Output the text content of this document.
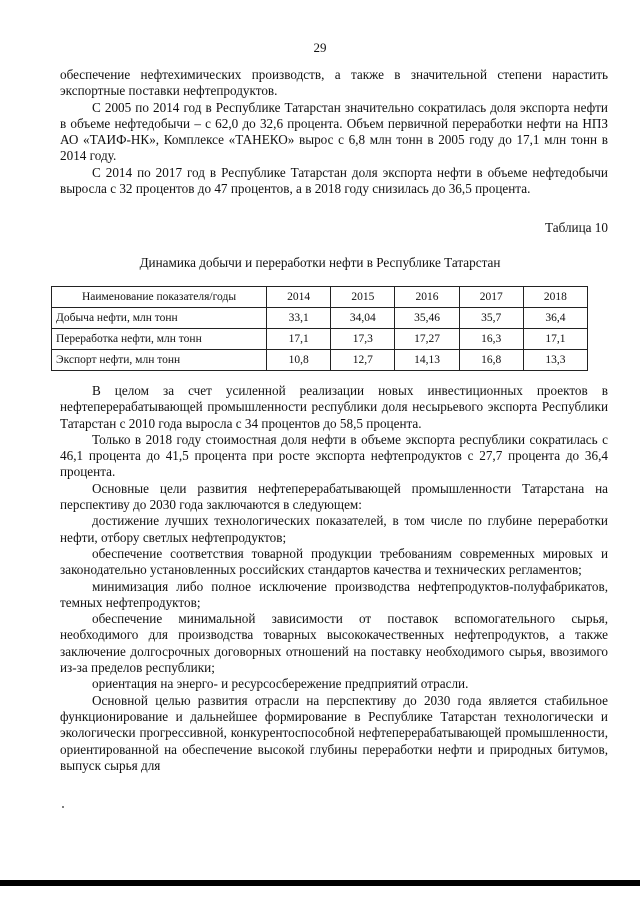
29

обеспечение нефтехимических производств, а также в значительной степени нарастить экспортные поставки нефтепродуктов.

С 2005 по 2014 год в Республике Татарстан значительно сократилась доля экспорта нефти в объеме нефтедобычи – с 62,0 до 32,6 процента. Объем первичной переработки нефти на НПЗ АО «ТАИФ-НК», Комплексе «ТАНЕКО» вырос с 6,8 млн тонн в 2005 году до 17,1 млн тонн в 2014 году.

С 2014 по 2017 год в Республике Татарстан доля экспорта нефти в объеме нефтедобычи выросла с 32 процентов до 47 процентов, а в 2018 году снизилась до 36,5 процента.

Таблица 10
Динамика добычи и переработки нефти в Республике Татарстан
Наименование показателя/годы	2014	2015	2016	2017	2018
Добыча нефти, млн тонн	33,1	34,04	35,46	35,7	36,4
Переработка нефти, млн тонн	17,1	17,3	17,27	16,3	17,1
Экспорт нефти, млн тонн	10,8	12,7	14,13	16,8	13,3

В целом за счет усиленной реализации новых инвестиционных проектов в нефтеперерабатывающей промышленности республики доля несырьевого экспорта Республики Татарстан с 2010 года выросла с 34 процентов до 58,5 процента.

Только в 2018 году стоимостная доля нефти в объеме экспорта республики сократилась с 46,1 процента до 41,5 процента при росте экспорта нефтепродуктов с 27,7 процента до 36,4 процента.

Основные цели развития нефтеперерабатывающей промышленности Татарстана на перспективу до 2030 года заключаются в следующем:

достижение лучших технологических показателей, в том числе по глубине переработки нефти, отбору светлых нефтепродуктов;

обеспечение соответствия товарной продукции требованиям современных мировых и законодательно установленных российских стандартов качества и технических регламентов;

минимизация либо полное исключение производства нефтепродуктов-полуфабрикатов, темных нефтепродуктов;

обеспечение минимальной зависимости от поставок вспомогательного сырья, необходимого для производства товарных высококачественных нефтепродуктов, а также заключение долгосрочных договорных отношений на поставку необходимого сырья, ввозимого из-за пределов республики;

ориентация на энерго- и ресурсосбережение предприятий отрасли.

Основной целью развития отрасли на перспективу до 2030 года является стабильное функционирование и дальнейшее формирование в Республике Татарстан технологически и экологически прогрессивной, конкурентоспособной нефтеперерабатывающей промышленности, ориентированной на обеспечение высокой глубины переработки нефти и природных битумов, выпуск сырья для
